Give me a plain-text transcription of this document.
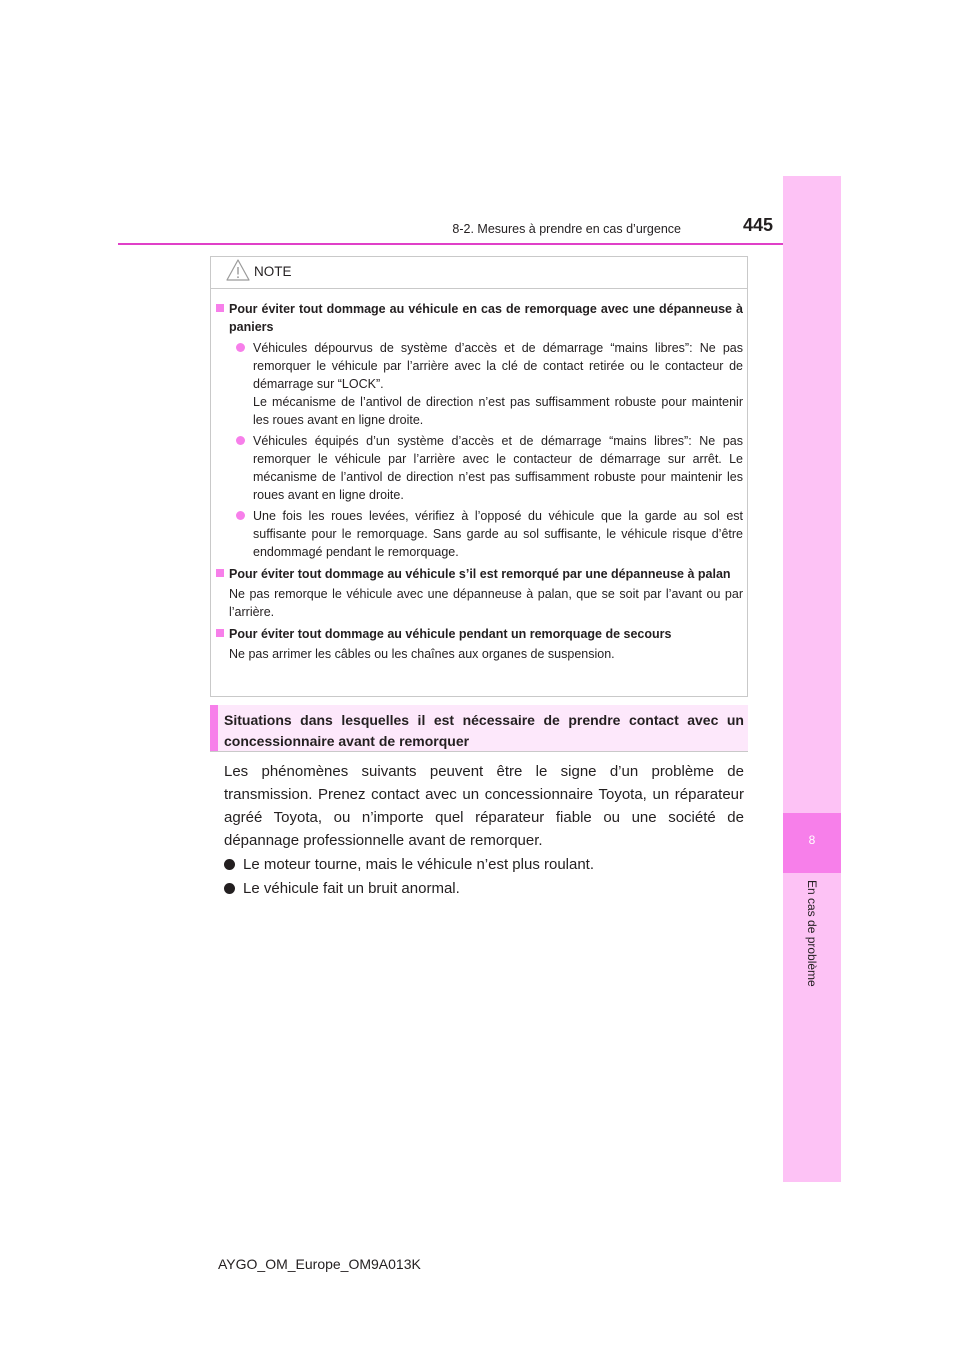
8-2. Mesures à prendre en cas d’urgence	445
8
En cas de problème
NOTE
Pour éviter tout dommage au véhicule en cas de remorquage avec une dépanneuse à paniers
Véhicules dépourvus de système d’accès et de démarrage “mains libres”: Ne pas remorquer le véhicule par l’arrière avec la clé de contact retirée ou le contacteur de démarrage sur “LOCK”.
Le mécanisme de l’antivol de direction n’est pas suffisamment robuste pour maintenir les roues avant en ligne droite.
Véhicules équipés d’un système d’accès et de démarrage “mains libres”: Ne pas remorquer le véhicule par l’arrière avec le contacteur de démarrage sur arrêt. Le mécanisme de l’antivol de direction n’est pas suffisamment robuste pour maintenir les roues avant en ligne droite.
Une fois les roues levées, vérifiez à l’opposé du véhicule que la garde au sol est suffisante pour le remorquage. Sans garde au sol suffisante, le véhicule risque d’être endommagé pendant le remorquage.
Pour éviter tout dommage au véhicule s’il est remorqué par une dépanneuse à palan
Ne pas remorque le véhicule avec une dépanneuse à palan, que se soit par l’avant ou par l’arrière.
Pour éviter tout dommage au véhicule pendant un remorquage de secours
Ne pas arrimer les câbles ou les chaînes aux organes de suspension.
Situations dans lesquelles il est nécessaire de prendre contact avec un concessionnaire avant de remorquer

Les phénomènes suivants peuvent être le signe d’un problème de transmission. Prenez contact avec un concessionnaire Toyota, un réparateur agréé Toyota, ou n’importe quel réparateur fiable ou une société de dépannage professionnelle avant de remorquer.

Le moteur tourne, mais le véhicule n’est plus roulant.
Le véhicule fait un bruit anormal.
AYGO_OM_Europe_OM9A013K
